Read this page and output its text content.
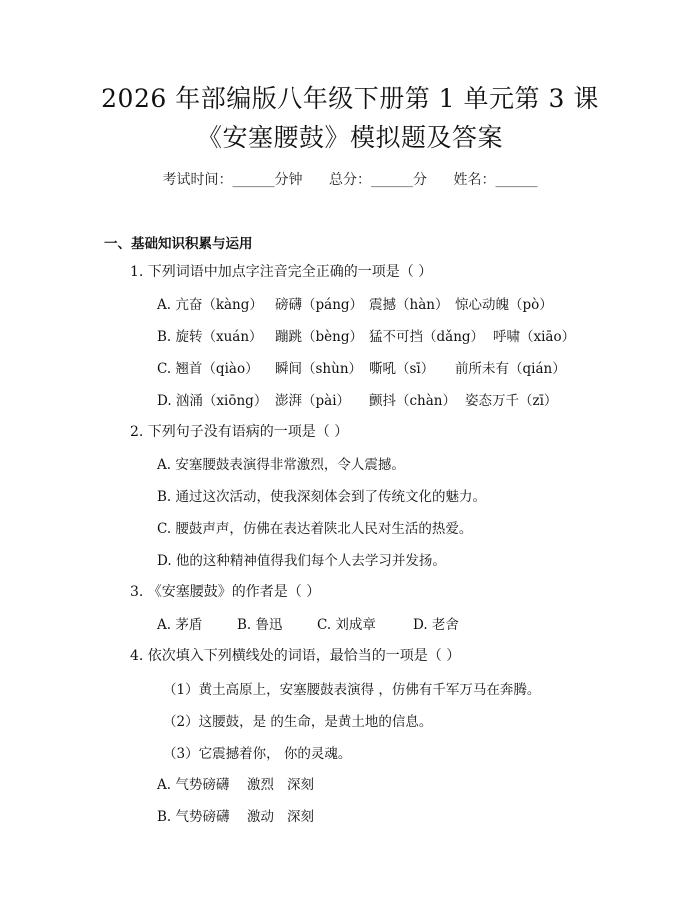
2026 年部编版八年级下册第 1 单元第 3 课
《安塞腰鼓》模拟题及答案
考试时间：______分钟 总分：______分 姓名：______
一、基础知识积累与运用
1. 下列词语中加点字注音完全正确的一项是（ ）
A. 亢奋（kàng） 磅礴（páng） 震撼（hàn） 惊心动魄（pò）
B. 旋转（xuán） 蹦跳（bèng） 猛不可挡（dǎng） 呼啸（xiāo）
C. 翘首（qiào） 瞬间（shùn） 嘶吼（sī） 前所未有（qián）
D. 汹涌（xiōng） 澎湃（pài） 颤抖（chàn） 姿态万千（zī）
2. 下列句子没有语病的一项是（ ）
A. 安塞腰鼓表演得非常激烈，令人震撼。
B. 通过这次活动，使我深刻体会到了传统文化的魅力。
C. 腰鼓声声，仿佛在表达着陕北人民对生活的热爱。
D. 他的这种精神值得我们每个人去学习并发扬。
3. 《安塞腰鼓》的作者是（ ）
A. 茅盾	B. 鲁迅	C. 刘成章	D. 老舍
4. 依次填入下列横线处的词语，最恰当的一项是（ ）
（1）黄土高原上，安塞腰鼓表演得 ，仿佛有千军万马在奔腾。
（2）这腰鼓，是 的生命，是黄土地的信息。
（3）它震撼着你， 你的灵魂。
A. 气势磅礴 激烈 深刻
B. 气势磅礴 激动 深刻
